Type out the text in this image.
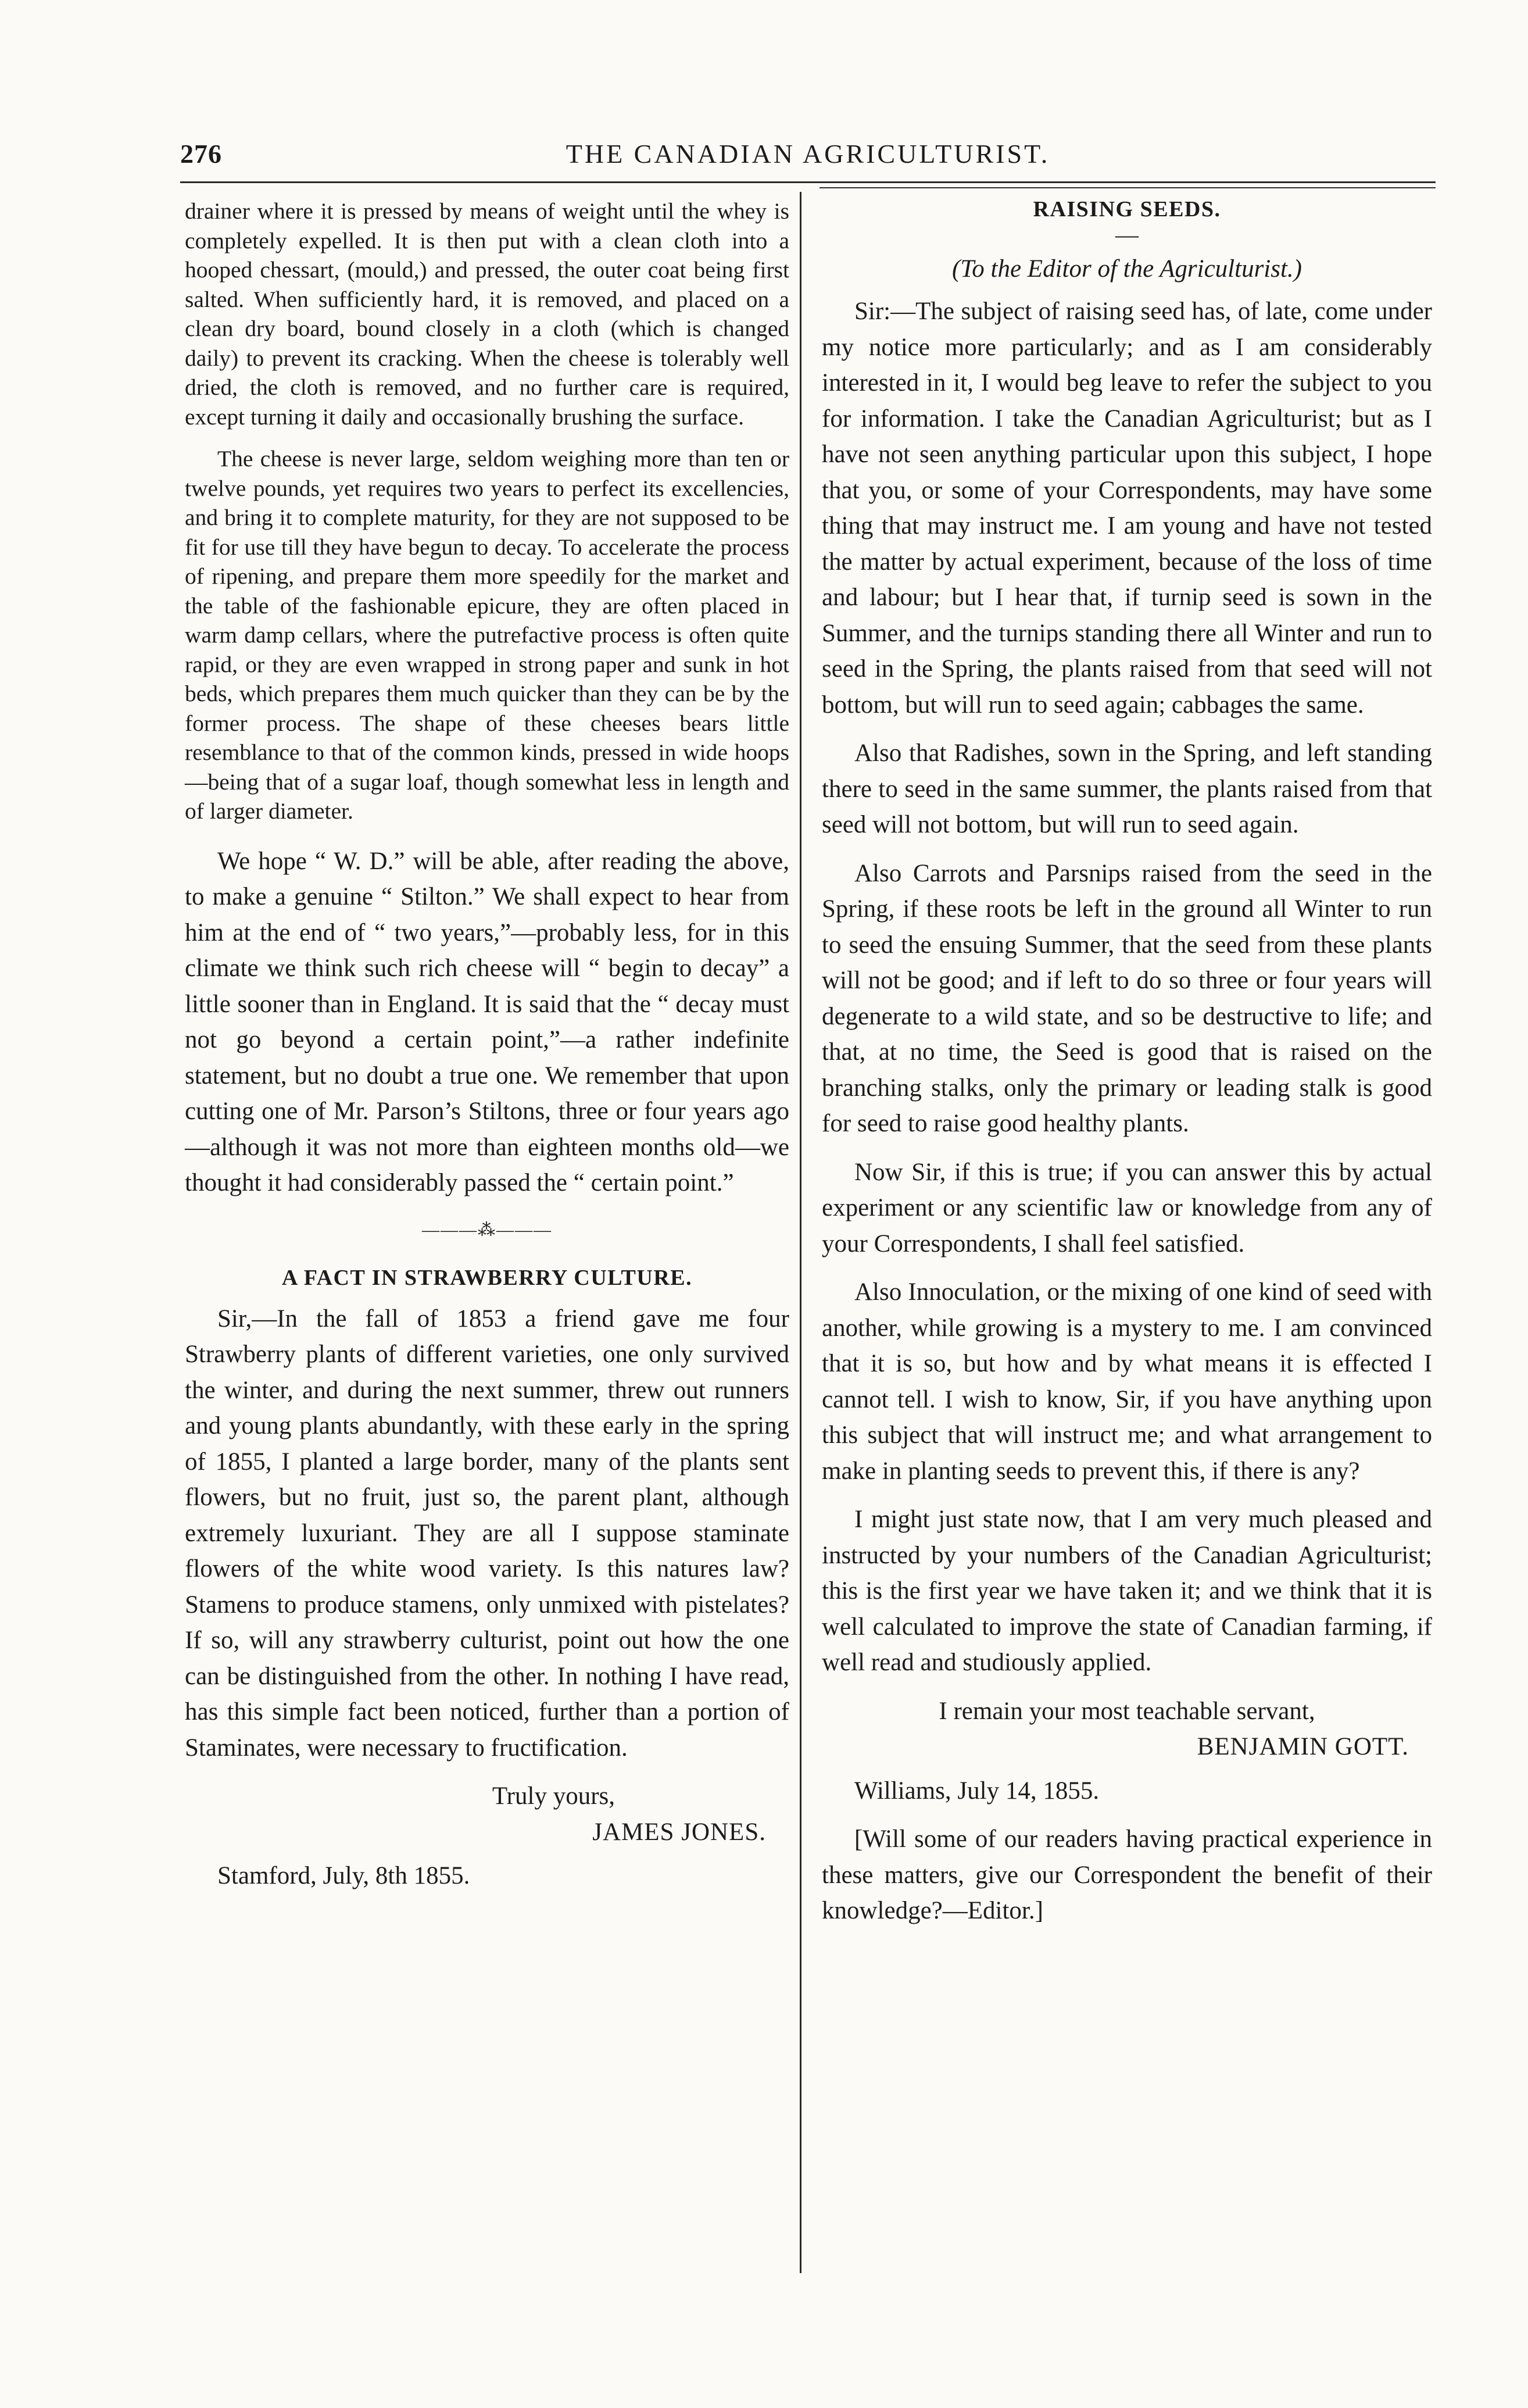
276	THE CANADIAN AGRICULTURIST.

drainer where it is pressed by means of weight until the whey is completely expelled. It is then put with a clean cloth into a hooped chessart, (mould,) and pressed, the outer coat being first salted. When sufficiently hard, it is removed, and placed on a clean dry board, bound closely in a cloth (which is changed daily) to prevent its cracking. When the cheese is tolerably well dried, the cloth is removed, and no further care is required, except turning it daily and occasionally brushing the surface.

The cheese is never large, seldom weighing more than ten or twelve pounds, yet requires two years to perfect its excellencies, and bring it to complete maturity, for they are not supposed to be fit for use till they have begun to decay. To accelerate the process of ripening, and prepare them more speedily for the market and the table of the fashionable epicure, they are often placed in warm damp cellars, where the putrefactive process is often quite rapid, or they are even wrapped in strong paper and sunk in hot beds, which prepares them much quicker than they can be by the former process. The shape of these cheeses bears little resemblance to that of the common kinds, pressed in wide hoops—being that of a sugar loaf, though somewhat less in length and of larger diameter.

We hope “ W. D.” will be able, after reading the above, to make a genuine “ Stilton.” We shall expect to hear from him at the end of “ two years,”—probably less, for in this climate we think such rich cheese will “ begin to decay” a little sooner than in England. It is said that the “ decay must not go beyond a certain point,”—a rather indefinite statement, but no doubt a true one. We remember that upon cutting one of Mr. Parson’s Stiltons, three or four years ago—although it was not more than eighteen months old—we thought it had considerably passed the “ certain point.”

———⁂———
A FACT IN STRAWBERRY CULTURE.

Sir,—In the fall of 1853 a friend gave me four Strawberry plants of different varieties, one only survived the winter, and during the next summer, threw out runners and young plants abundantly, with these early in the spring of 1855, I planted a large border, many of the plants sent flowers, but no fruit, just so, the parent plant, although extremely luxuriant. They are all I suppose staminate flowers of the white wood variety. Is this natures law? Stamens to produce stamens, only unmixed with pistelates? If so, will any strawberry culturist, point out how the one can be distinguished from the other. In nothing I have read, has this simple fact been noticed, further than a portion of Staminates, were necessary to fructification.

Truly yours,

JAMES JONES.

Stamford, July, 8th 1855.

RAISING SEEDS.
—
(To the Editor of the Agriculturist.)

Sir:—The subject of raising seed has, of late, come under my notice more particularly; and as I am considerably interested in it, I would beg leave to refer the subject to you for information. I take the Canadian Agriculturist; but as I have not seen anything particular upon this subject, I hope that you, or some of your Correspondents, may have some thing that may instruct me. I am young and have not tested the matter by actual experiment, because of the loss of time and labour; but I hear that, if turnip seed is sown in the Summer, and the turnips standing there all Winter and run to seed in the Spring, the plants raised from that seed will not bottom, but will run to seed again; cabbages the same.

Also that Radishes, sown in the Spring, and left standing there to seed in the same summer, the plants raised from that seed will not bottom, but will run to seed again.

Also Carrots and Parsnips raised from the seed in the Spring, if these roots be left in the ground all Winter to run to seed the ensuing Summer, that the seed from these plants will not be good; and if left to do so three or four years will degenerate to a wild state, and so be destructive to life; and that, at no time, the Seed is good that is raised on the branching stalks, only the primary or leading stalk is good for seed to raise good healthy plants.

Now Sir, if this is true; if you can answer this by actual experiment or any scientific law or knowledge from any of your Correspondents, I shall feel satisfied.

Also Innoculation, or the mixing of one kind of seed with another, while growing is a mystery to me. I am convinced that it is so, but how and by what means it is effected I cannot tell. I wish to know, Sir, if you have anything upon this subject that will instruct me; and what arrangement to make in planting seeds to prevent this, if there is any?

I might just state now, that I am very much pleased and instructed by your numbers of the Canadian Agriculturist; this is the first year we have taken it; and we think that it is well calculated to improve the state of Canadian farming, if well read and studiously applied.

I remain your most teachable servant,

BENJAMIN GOTT.

Williams, July 14, 1855.

[Will some of our readers having practical experience in these matters, give our Correspondent the benefit of their knowledge?—Editor.]
